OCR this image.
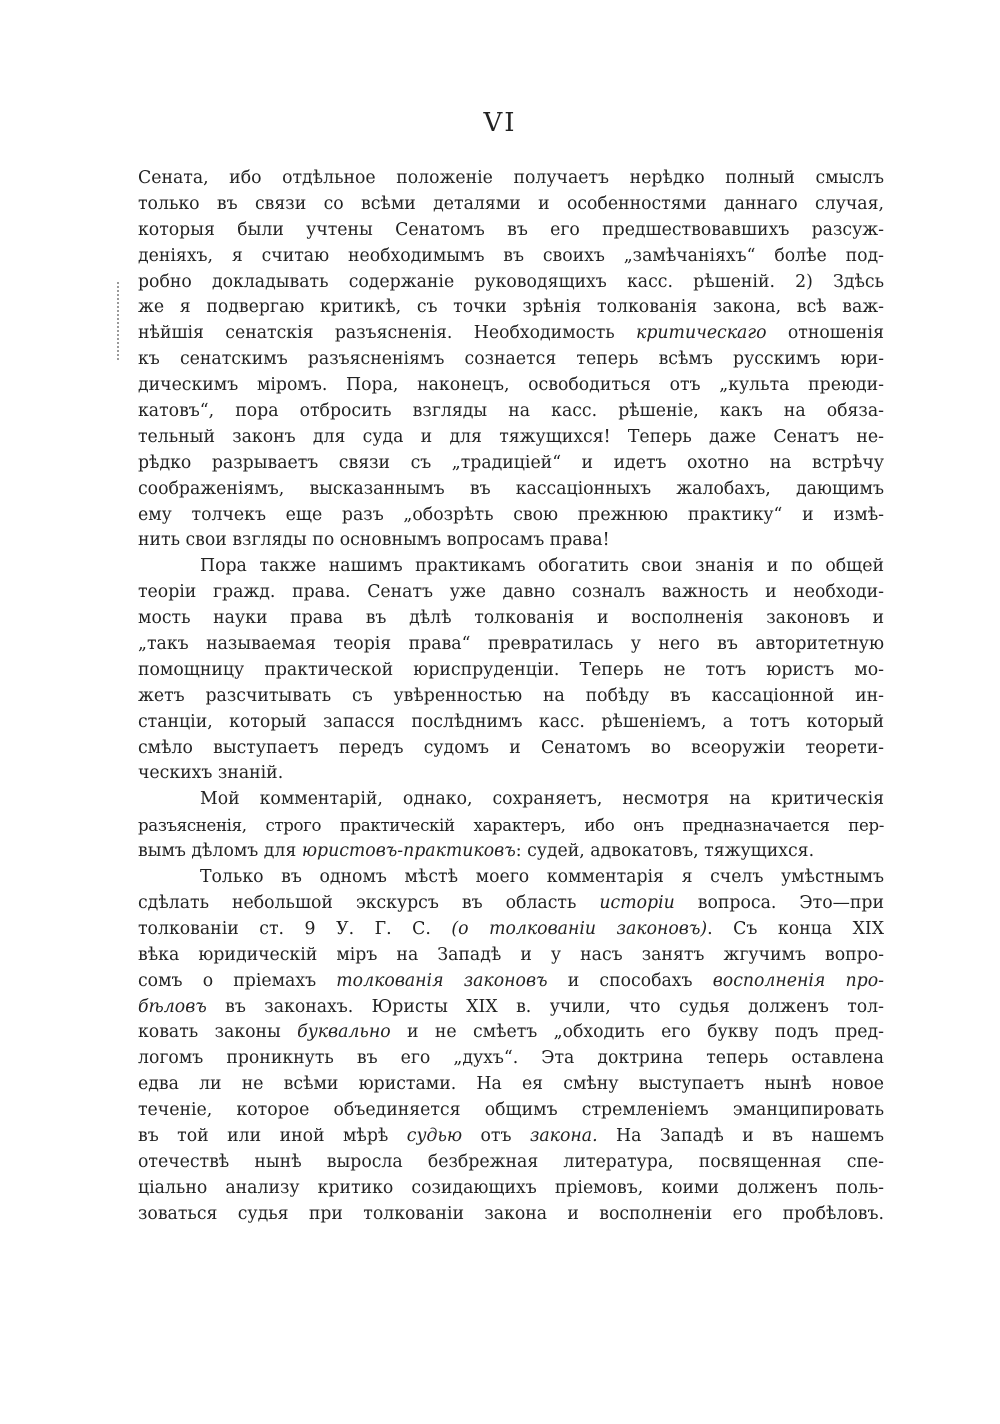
VI
Сената, ибо отдѣльное положенiе получаетъ нерѣдко полный смыслъ
только въ связи со всѣми деталями и особенностями даннаго случая,
которыя были учтены Сенатомъ въ его предшествовавшихъ разсуж-
денiяхъ, я считаю необходимымъ въ своихъ „замѣчанiяхъ“ болѣе под-
робно докладывать содержанiе руководящихъ касс. рѣшенiй. 2) Здѣсь
же я подвергаю критикѣ, съ точки зрѣнiя толкованiя закона, всѣ важ-
нѣйшiя сенатскiя разъясненiя. Необходимость критическаго отношенiя
къ сенатскимъ разъясненiямъ сознается теперь всѣмъ русскимъ юри-
дическимъ мiромъ. Пора, наконецъ, освободиться отъ „культа преюди-
катовъ“, пора отбросить взгляды на касс. рѣшенiе, какъ на обяза-
тельный законъ для суда и для тяжущихся! Теперь даже Сенатъ не-
рѣдко разрываетъ связи съ „традицiей“ и идетъ охотно на встрѣчу
соображенiямъ, высказаннымъ въ кассацiонныхъ жалобахъ, дающимъ
ему толчекъ еще разъ „обозрѣть свою прежнюю практику“ и измѣ-
нить свои взгляды по основнымъ вопросамъ права!
Пора также нашимъ практикамъ обогатить свои знанiя и по общей
теорiи гражд. права. Сенатъ уже давно созналъ важность и необходи-
мость науки права въ дѣлѣ толкованiя и восполненiя законовъ и
„такъ называемая теорiя права“ превратилась у него въ авторитетную
помощницу практической юриспруденцiи. Теперь не тотъ юристъ мо-
жетъ разсчитывать съ увѣренностью на побѣду въ кассацiонной ин-
станцiи, который запасся послѣднимъ касс. рѣшенiемъ, а тотъ который
смѣло выступаетъ передъ судомъ и Сенатомъ во всеоружiи теорети-
ческихъ знанiй.
Мой комментарiй, однако, сохраняетъ, несмотря на критическiя
разъясненiя, строго практическiй характеръ, ибо онъ предназначается пер-
вымъ дѣломъ для юристовъ-практиковъ: судей, адвокатовъ, тяжущихся.
Только въ одномъ мѣстѣ моего комментарiя я счелъ умѣстнымъ
сдѣлать небольшой экскурсъ въ область исторiи вопроса. Это—при
толкованiи ст. 9 У. Г. С. (о толкованiи законовъ). Съ конца XIX
вѣка юридическiй мiръ на Западѣ и у насъ занятъ жгучимъ вопро-
сомъ о прiемахъ толкованiя законовъ и способахъ восполненiя про-
бѣловъ въ законахъ. Юристы XIX в. учили, что судья долженъ тол-
ковать законы буквально и не смѣетъ „обходить его букву подъ пред-
логомъ проникнуть въ его „духъ“. Эта доктрина теперь оставлена
едва ли не всѣми юристами. На ея смѣну выступаетъ нынѣ новое
теченiе, которое объединяется общимъ стремленiемъ эманципировать
въ той или иной мѣрѣ судью отъ закона. На Западѣ и въ нашемъ
отечествѣ нынѣ выросла безбрежная литература, посвященная спе-
цiально анализу критико созидающихъ прiемовъ, коими долженъ поль-
зоваться судья при толкованiи закона и восполненiи его пробѣловъ.
